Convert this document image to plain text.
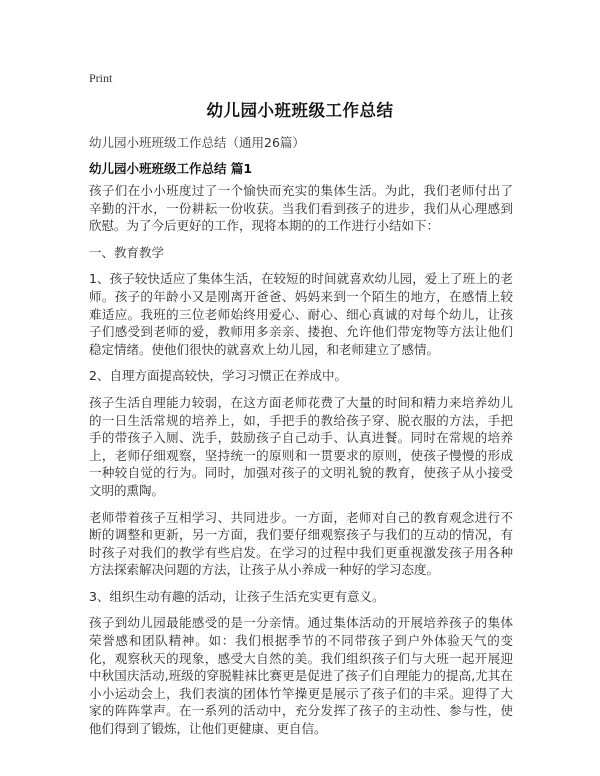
Print
幼儿园小班班级工作总结
幼儿园小班班级工作总结（通用26篇）
幼儿园小班班级工作总结 篇1

孩子们在小小班度过了一个愉快而充实的集体生活。为此，我们老师付出了辛勤的汗水，一份耕耘一份收获。当我们看到孩子的进步，我们从心理感到欣慰。为了今后更好的工作，现将本期的的工作进行小结如下：

一、教育教学

1、孩子较快适应了集体生活，在较短的时间就喜欢幼儿园，爱上了班上的老师。孩子的年龄小又是刚离开爸爸、妈妈来到一个陌生的地方，在感情上较难适应。我班的三位老师始终用爱心、耐心、细心真诚的对每个幼儿，让孩子们感受到老师的爱，教师用多亲亲、搂抱、允许他们带宠物等方法让他们稳定情绪。使他们很快的就喜欢上幼儿园，和老师建立了感情。

2、自理方面提高较快，学习习惯正在养成中。

孩子生活自理能力较弱，在这方面老师花费了大量的时间和精力来培养幼儿的一日生活常规的培养上，如，手把手的教给孩子穿、脱衣服的方法，手把手的带孩子入厕、洗手，鼓励孩子自己动手、认真进餐。同时在常规的培养上，老师仔细观察，坚持统一的原则和一贯要求的原则，使孩子慢慢的形成一种较自觉的行为。同时，加强对孩子的文明礼貌的教育，使孩子从小接受文明的熏陶。

老师带着孩子互相学习、共同进步。一方面，老师对自己的教育观念进行不断的调整和更新，另一方面，我们要仔细观察孩子与我们的互动的情况，有时孩子对我们的教学有些启发。在学习的过程中我们更重视激发孩子用各种方法探索解决问题的方法，让孩子从小养成一种好的学习态度。

3、组织生动有趣的活动，让孩子生活充实更有意义。

孩子到幼儿园最能感受的是一分亲情。通过集体活动的开展培养孩子的集体荣誉感和团队精神。如：我们根据季节的不同带孩子到户外体验天气的变化，观察秋天的现象，感受大自然的美。我们组织孩子们与大班一起开展迎中秋国庆活动,班级的穿脱鞋袜比赛更是促进了孩子们自理能力的提高,尤其在小小运动会上，我们表演的团体竹竿操更是展示了孩子们的丰采。迎得了大家的阵阵掌声。在一系列的活动中，充分发挥了孩子的主动性、参与性，使他们得到了锻炼，让他们更健康、更自信。
